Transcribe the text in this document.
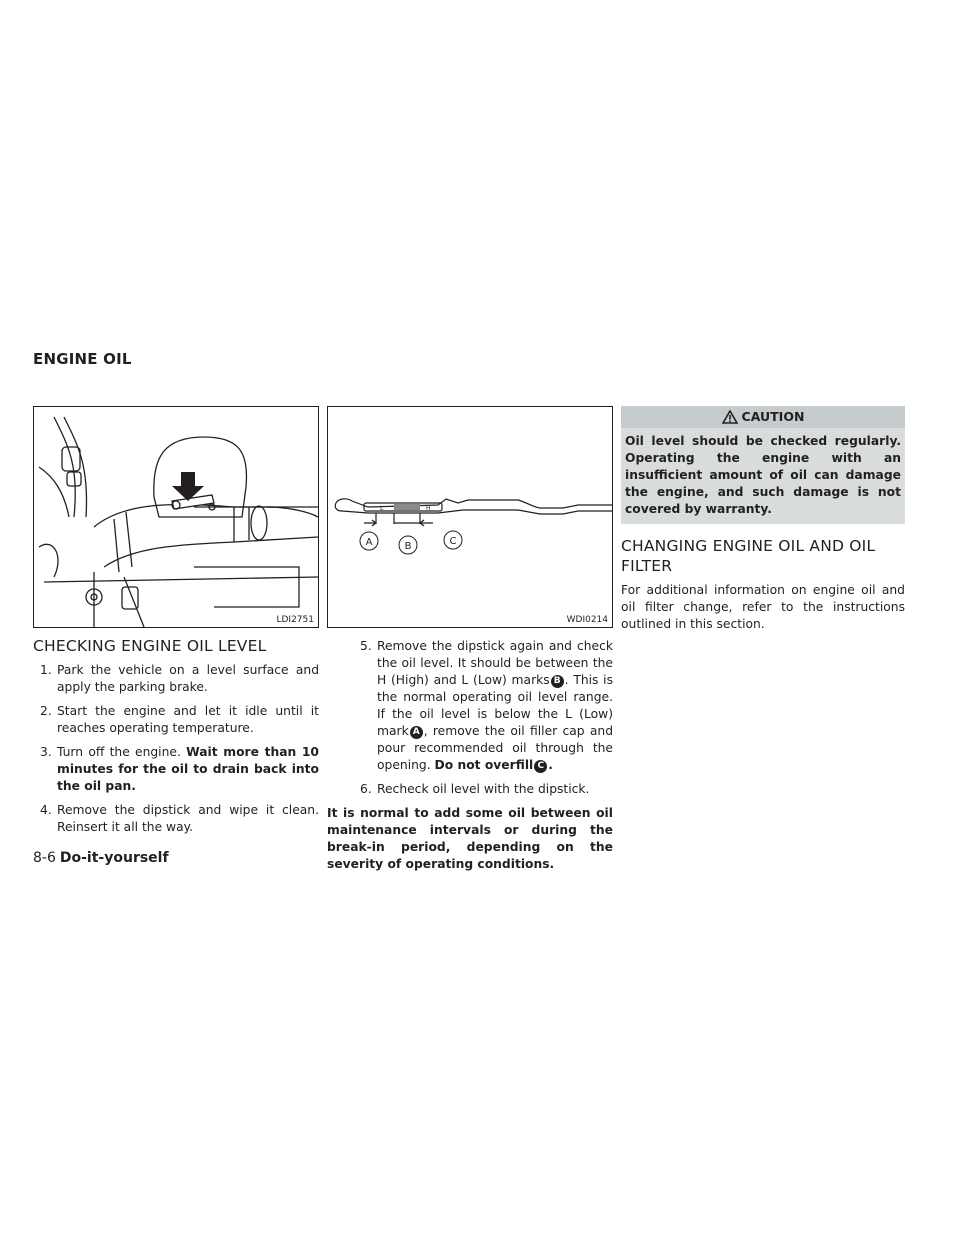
ENGINE OIL
LDI2751
L	H
A	B	C
WDI0214
CHECKING ENGINE OIL LEVEL
1. Park the vehicle on a level surface and apply the parking brake.
2. Start the engine and let it idle until it reaches operating temperature.
3. Turn off the engine. Wait more than 10 minutes for the oil to drain back into the oil pan.
4. Remove the dipstick and wipe it clean. Reinsert it all the way.
5. Remove the dipstick again and check the oil level. It should be between the H (High) and L (Low) marks B . This is the normal operating oil level range. If the oil level is below the L (Low) mark A , remove the oil filler cap and pour recommended oil through the opening. Do not overfill C .
6. Recheck oil level with the dipstick.

It is normal to add some oil between oil maintenance intervals or during the break-in period, depending on the severity of operating conditions.

CAUTION
Oil level should be checked regularly. Operating the engine with an insufficient amount of oil can damage the engine, and such damage is not covered by warranty.
CHANGING ENGINE OIL AND OIL FILTER

For additional information on engine oil and oil filter change, refer to the instructions outlined in this section.

8-6 Do-it-yourself
